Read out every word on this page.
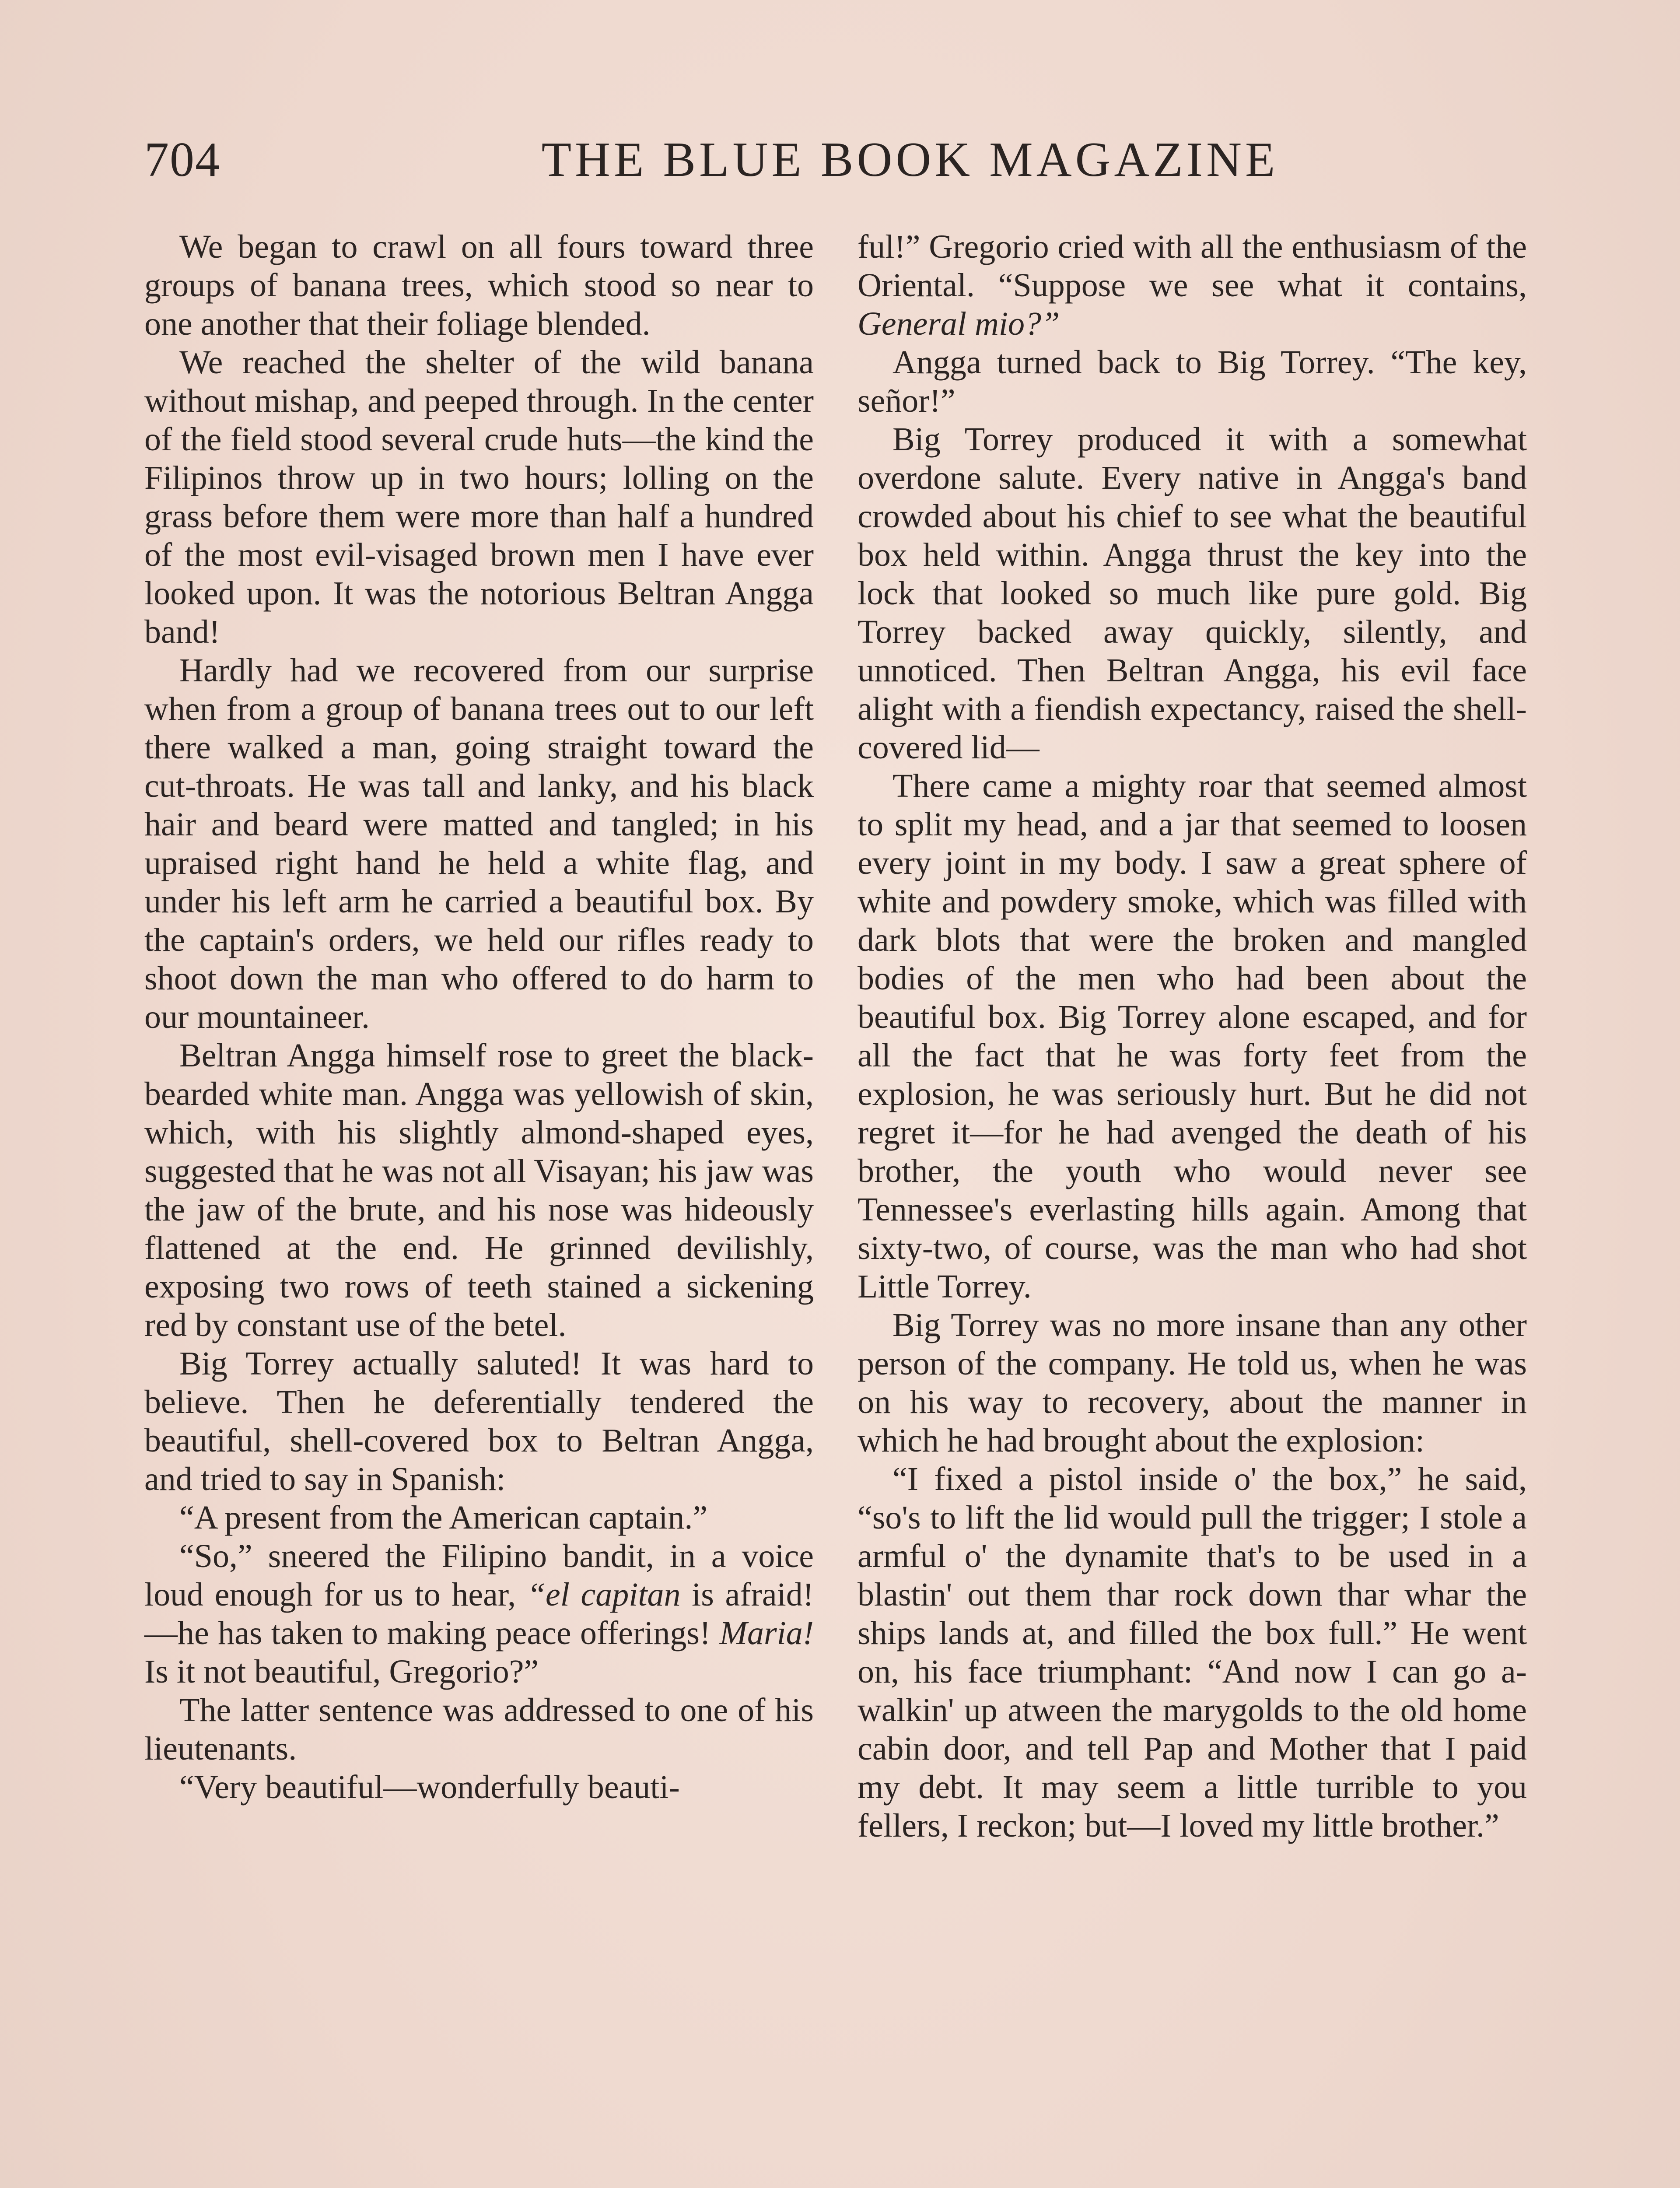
704	THE BLUE BOOK MAGAZINE

We began to crawl on all fours toward three groups of banana trees, which stood so near to one another that their foliage blended.

We reached the shelter of the wild banana without mishap, and peeped through. In the center of the field stood several crude huts—the kind the Filipinos throw up in two hours; lolling on the grass before them were more than half a hundred of the most evil-visaged brown men I have ever looked upon. It was the notorious Beltran Angga band!

Hardly had we recovered from our surprise when from a group of banana trees out to our left there walked a man, going straight toward the cut-throats. He was tall and lanky, and his black hair and beard were matted and tangled; in his upraised right hand he held a white flag, and under his left arm he carried a beautiful box. By the captain's orders, we held our rifles ready to shoot down the man who offered to do harm to our mountaineer.

Beltran Angga himself rose to greet the black-bearded white man. Angga was yellowish of skin, which, with his slightly almond-shaped eyes, suggested that he was not all Visayan; his jaw was the jaw of the brute, and his nose was hideously flattened at the end. He grinned devilishly, exposing two rows of teeth stained a sickening red by constant use of the betel.

Big Torrey actually saluted! It was hard to believe. Then he deferentially tendered the beautiful, shell-covered box to Beltran Angga, and tried to say in Spanish:

“A present from the American captain.”

“So,” sneered the Filipino bandit, in a voice loud enough for us to hear, “el capitan is afraid!—he has taken to making peace offerings! Maria! Is it not beautiful, Gregorio?”

The latter sentence was addressed to one of his lieutenants.

“Very beautiful—wonderfully beauti-

ful!” Gregorio cried with all the enthusiasm of the Oriental. “Suppose we see what it contains, General mio?”

Angga turned back to Big Torrey. “The key, señor!”

Big Torrey produced it with a somewhat overdone salute. Every native in Angga's band crowded about his chief to see what the beautiful box held within. Angga thrust the key into the lock that looked so much like pure gold. Big Torrey backed away quickly, silently, and unnoticed. Then Beltran Angga, his evil face alight with a fiendish expectancy, raised the shell-covered lid—

There came a mighty roar that seemed almost to split my head, and a jar that seemed to loosen every joint in my body. I saw a great sphere of white and powdery smoke, which was filled with dark blots that were the broken and mangled bodies of the men who had been about the beautiful box. Big Torrey alone escaped, and for all the fact that he was forty feet from the explosion, he was seriously hurt. But he did not regret it—for he had avenged the death of his brother, the youth who would never see Tennessee's everlasting hills again. Among that sixty-two, of course, was the man who had shot Little Torrey.

Big Torrey was no more insane than any other person of the company. He told us, when he was on his way to recovery, about the manner in which he had brought about the explosion:

“I fixed a pistol inside o' the box,” he said, “so's to lift the lid would pull the trigger; I stole a armful o' the dynamite that's to be used in a blastin' out them thar rock down thar whar the ships lands at, and filled the box full.” He went on, his face triumphant: “And now I can go a-walkin' up atween the marygolds to the old home cabin door, and tell Pap and Mother that I paid my debt. It may seem a little turrible to you fellers, I reckon; but—I loved my little brother.”
